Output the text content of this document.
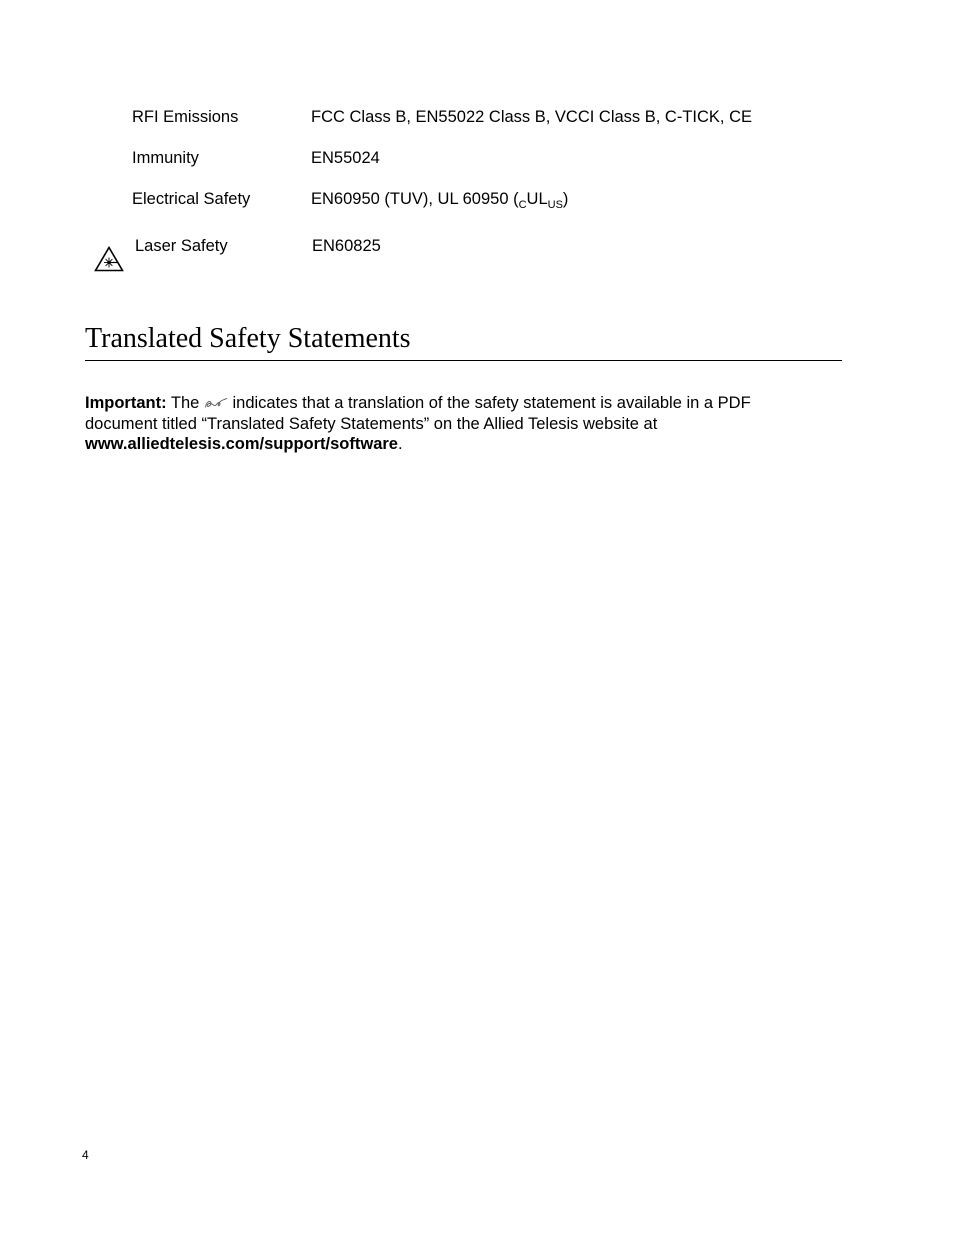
RFI Emissions	FCC Class B, EN55022 Class B, VCCI Class B, C-TICK, CE
Immunity	EN55024
Electrical Safety	EN60950 (TUV), UL 60950 $(_CUL_{US})$
Laser Safety	EN60825
Translated Safety Statements

Important: The  indicates that a translation of the safety statement is available in a PDF document titled “Translated Safety Statements” on the Allied Telesis website at www.alliedtelesis.com/support/software.

4
